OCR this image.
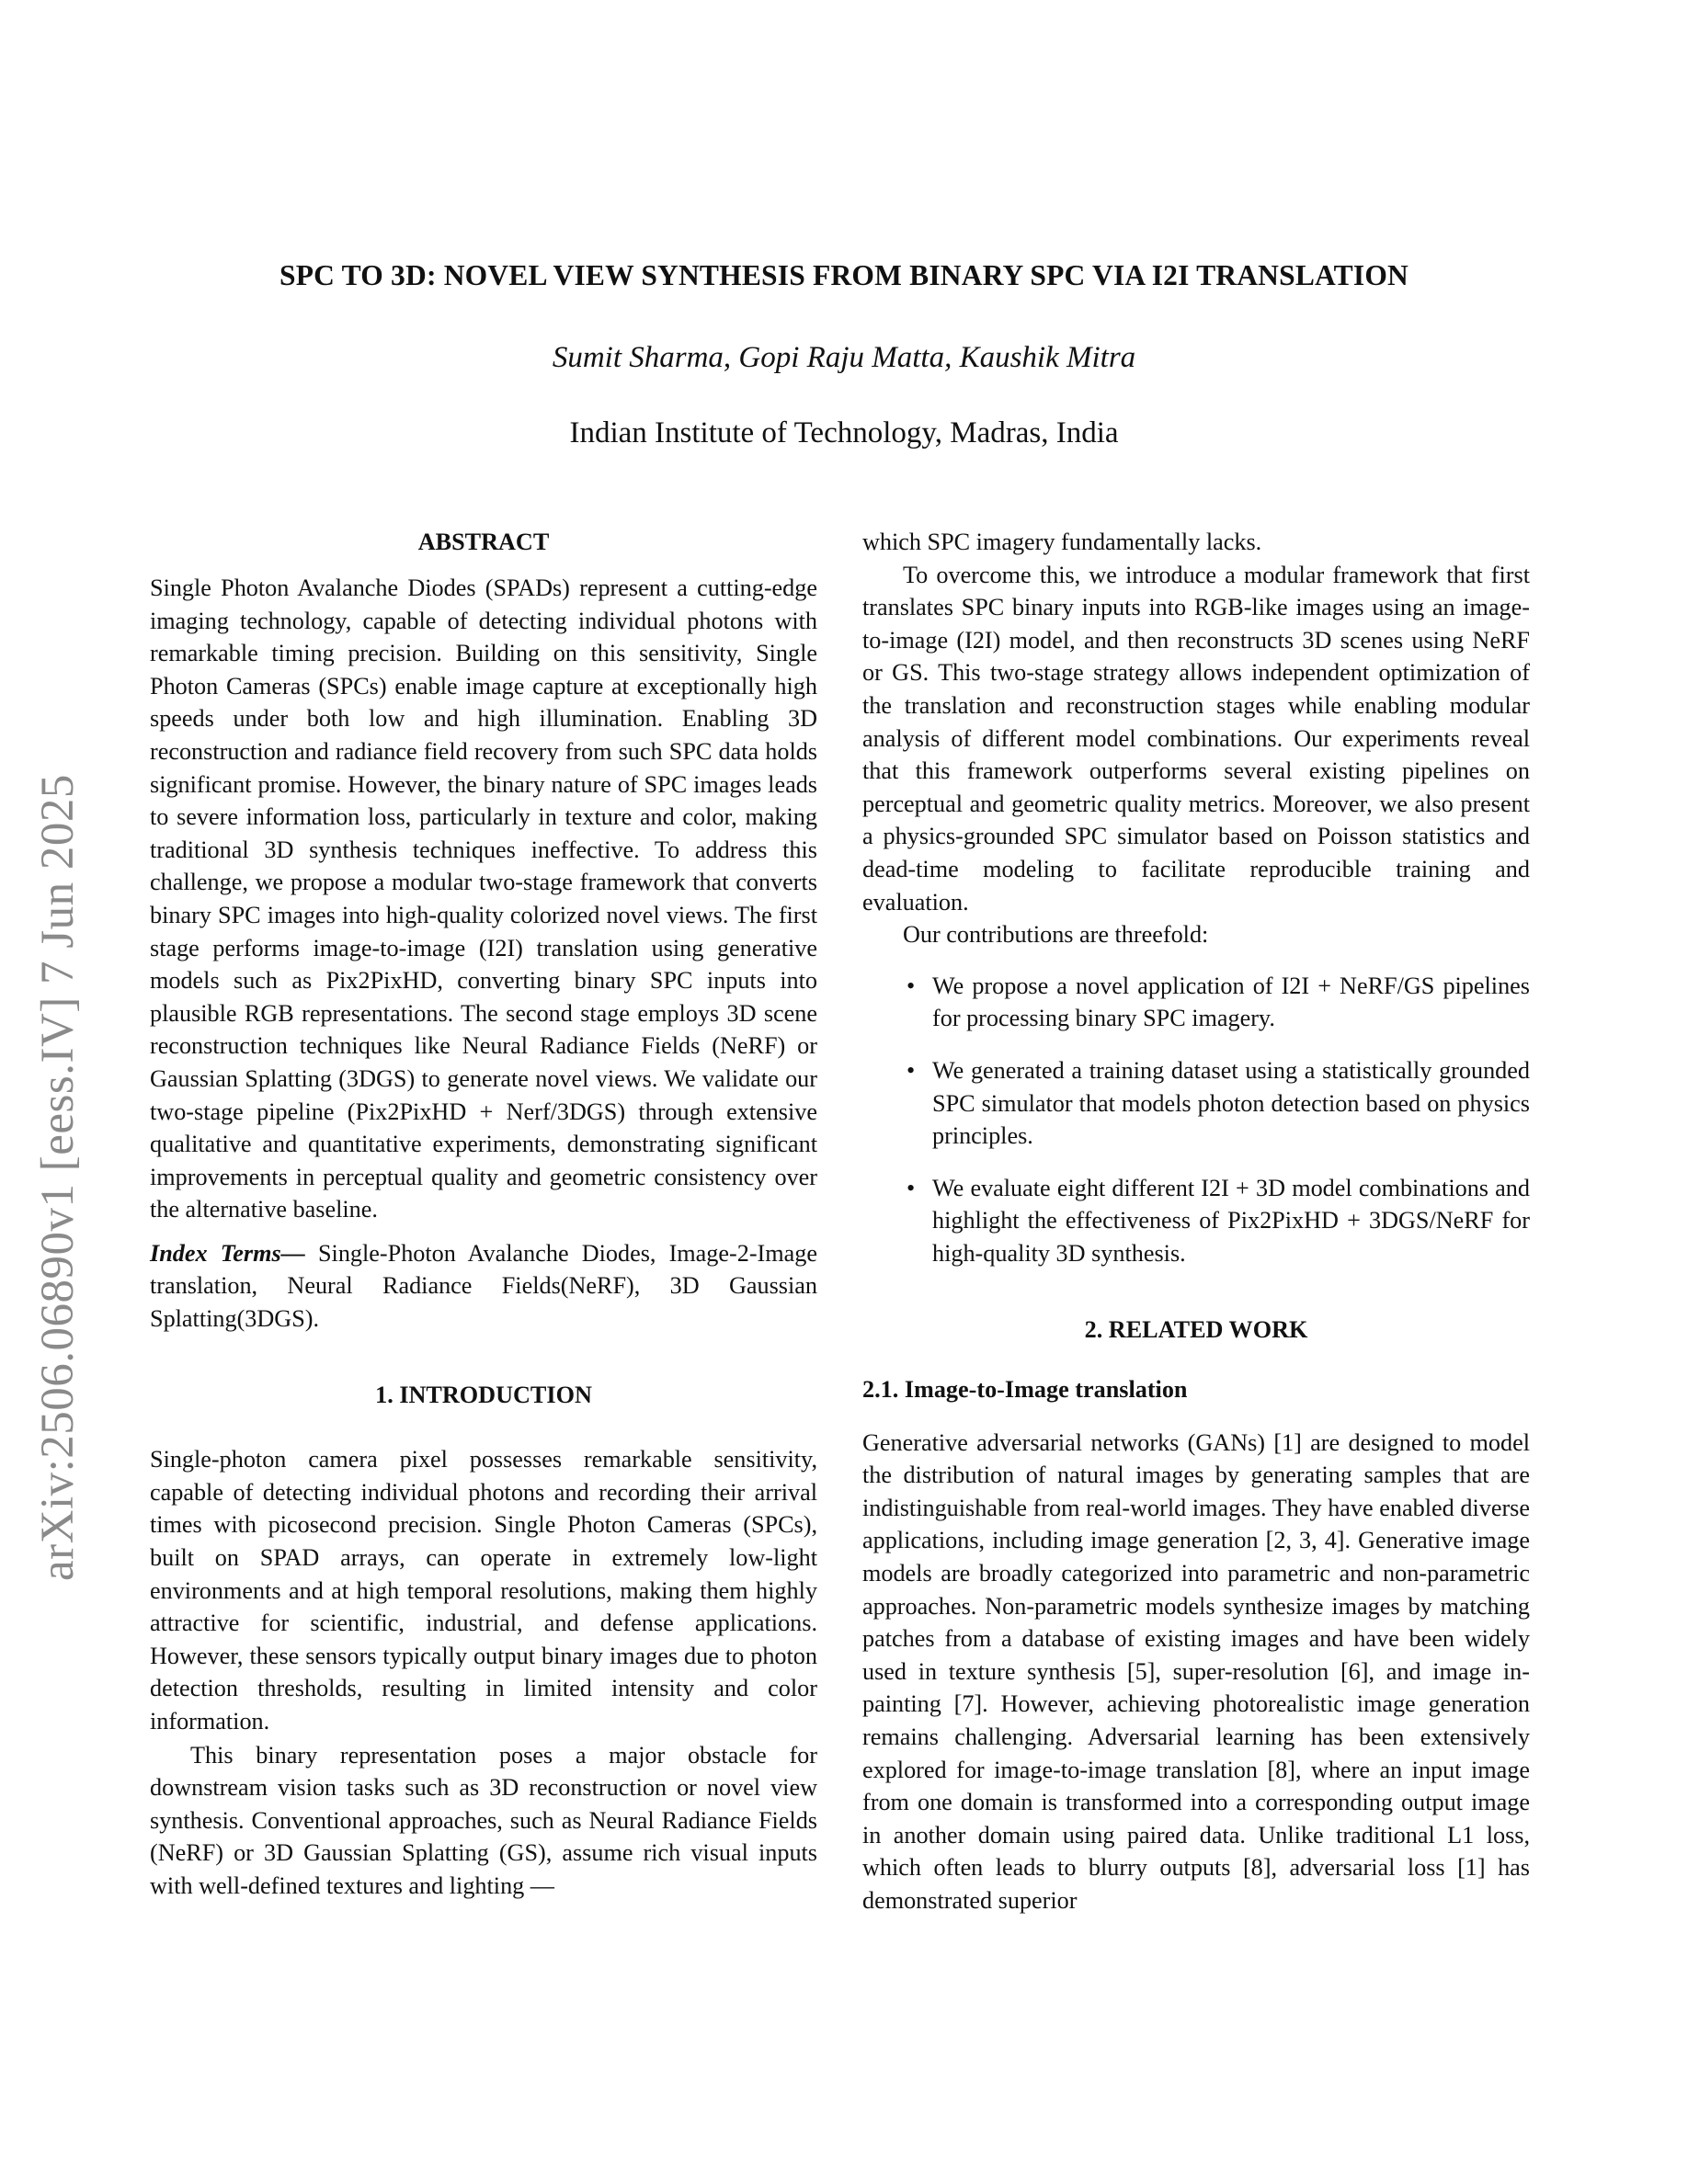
arXiv:2506.06890v1 [eess.IV] 7 Jun 2025
SPC TO 3D: NOVEL VIEW SYNTHESIS FROM BINARY SPC VIA I2I TRANSLATION
Sumit Sharma, Gopi Raju Matta, Kaushik Mitra
Indian Institute of Technology, Madras, India
ABSTRACT

Single Photon Avalanche Diodes (SPADs) represent a cutting-edge imaging technology, capable of detecting individual photons with remarkable timing precision. Building on this sensitivity, Single Photon Cameras (SPCs) enable image capture at exceptionally high speeds under both low and high illumination. Enabling 3D reconstruction and radiance field recovery from such SPC data holds significant promise. However, the binary nature of SPC images leads to severe information loss, particularly in texture and color, making traditional 3D synthesis techniques ineffective. To address this challenge, we propose a modular two-stage framework that converts binary SPC images into high-quality colorized novel views. The first stage performs image-to-image (I2I) translation using generative models such as Pix2PixHD, converting binary SPC inputs into plausible RGB representations. The second stage employs 3D scene reconstruction techniques like Neural Radiance Fields (NeRF) or Gaussian Splatting (3DGS) to generate novel views. We validate our two-stage pipeline (Pix2PixHD + Nerf/3DGS) through extensive qualitative and quantitative experiments, demonstrating significant improvements in perceptual quality and geometric consistency over the alternative baseline.

Index Terms— Single-Photon Avalanche Diodes, Image-2-Image translation, Neural Radiance Fields(NeRF), 3D Gaussian Splatting(3DGS).

1. INTRODUCTION

Single-photon camera pixel possesses remarkable sensitivity, capable of detecting individual photons and recording their arrival times with picosecond precision. Single Photon Cameras (SPCs), built on SPAD arrays, can operate in extremely low-light environments and at high temporal resolutions, making them highly attractive for scientific, industrial, and defense applications. However, these sensors typically output binary images due to photon detection thresholds, resulting in limited intensity and color information.

This binary representation poses a major obstacle for downstream vision tasks such as 3D reconstruction or novel view synthesis. Conventional approaches, such as Neural Radiance Fields (NeRF) or 3D Gaussian Splatting (GS), assume rich visual inputs with well-defined textures and lighting —

which SPC imagery fundamentally lacks.

To overcome this, we introduce a modular framework that first translates SPC binary inputs into RGB-like images using an image-to-image (I2I) model, and then reconstructs 3D scenes using NeRF or GS. This two-stage strategy allows independent optimization of the translation and reconstruction stages while enabling modular analysis of different model combinations. Our experiments reveal that this framework outperforms several existing pipelines on perceptual and geometric quality metrics. Moreover, we also present a physics-grounded SPC simulator based on Poisson statistics and dead-time modeling to facilitate reproducible training and evaluation.

Our contributions are threefold:

• We propose a novel application of I2I + NeRF/GS pipelines for processing binary SPC imagery.
• We generated a training dataset using a statistically grounded SPC simulator that models photon detection based on physics principles.
• We evaluate eight different I2I + 3D model combinations and highlight the effectiveness of Pix2PixHD + 3DGS/NeRF for high-quality 3D synthesis.
2. RELATED WORK
2.1. Image-to-Image translation

Generative adversarial networks (GANs) [1] are designed to model the distribution of natural images by generating samples that are indistinguishable from real-world images. They have enabled diverse applications, including image generation [2, 3, 4]. Generative image models are broadly categorized into parametric and non-parametric approaches. Non-parametric models synthesize images by matching patches from a database of existing images and have been widely used in texture synthesis [5], super-resolution [6], and image in-painting [7]. However, achieving photorealistic image generation remains challenging. Adversarial learning has been extensively explored for image-to-image translation [8], where an input image from one domain is transformed into a corresponding output image in another domain using paired data. Unlike traditional L1 loss, which often leads to blurry outputs [8], adversarial loss [1] has demonstrated superior
